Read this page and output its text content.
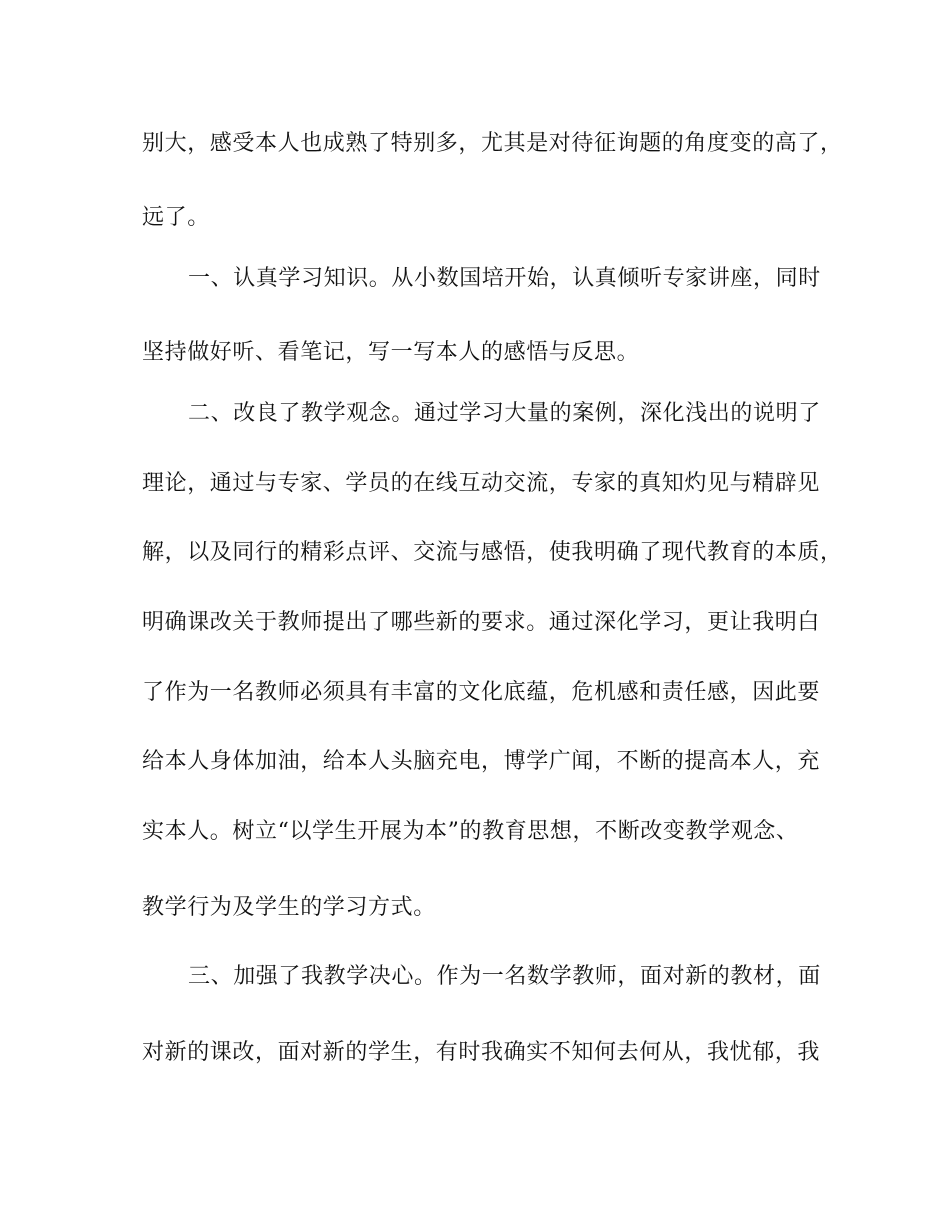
别大，感受本人也成熟了特别多，尤其是对待征询题的角度变的高了，
远了。
一、认真学习知识。从小数国培开始，认真倾听专家讲座，同时
坚持做好听、看笔记，写一写本人的感悟与反思。
二、改良了教学观念。通过学习大量的案例，深化浅出的说明了
理论，通过与专家、学员的在线互动交流，专家的真知灼见与精辟见
解，以及同行的精彩点评、交流与感悟，使我明确了现代教育的本质，
明确课改关于教师提出了哪些新的要求。通过深化学习，更让我明白
了作为一名教师必须具有丰富的文化底蕴，危机感和责任感，因此要
给本人身体加油，给本人头脑充电，博学广闻，不断的提高本人，充
实本人。树立“以学生开展为本”的教育思想，不断改变教学观念、
教学行为及学生的学习方式。
三、加强了我教学决心。作为一名数学教师，面对新的教材，面
对新的课改，面对新的学生，有时我确实不知何去何从，我忧郁，我
